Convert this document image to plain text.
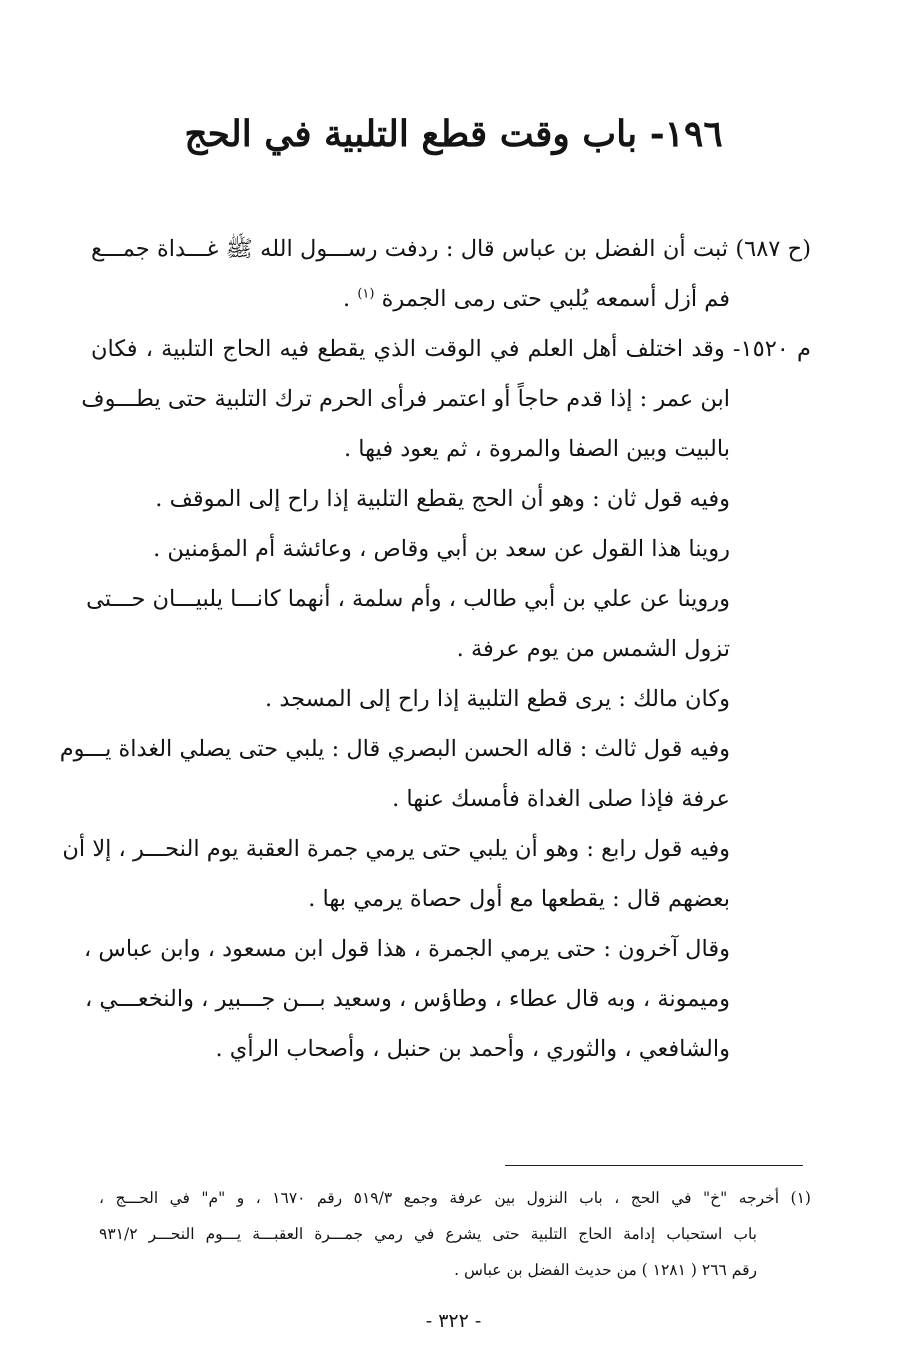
١٩٦- باب وقت قطع التلبية في الحج
(ح ٦٨٧) ثبت أن الفضل بن عباس قال : ردفت رســـول الله ﷺ غـــداة جمـــع
فم أزل أسمعه يُلبي حتى رمى الجمرة $^{(١)}$ .
م ١٥٢٠- وقد اختلف أهل العلم في الوقت الذي يقطع فيه الحاج التلبية ، فكان
ابن عمر : إذا قدم حاجاً أو اعتمر فرأى الحرم ترك التلبية حتى يطـــوف
بالبيت وبين الصفا والمروة ، ثم يعود فيها .
وفيه قول ثان : وهو أن الحج يقطع التلبية إذا راح إلى الموقف .
روينا هذا القول عن سعد بن أبي وقاص ، وعائشة أم المؤمنين .
وروينا عن علي بن أبي طالب ، وأم سلمة ، أنهما كانـــا يلبيـــان حـــتى
تزول الشمس من يوم عرفة .
وكان مالك : يرى قطع التلبية إذا راح إلى المسجد .
وفيه قول ثالث : قاله الحسن البصري قال : يلبي حتى يصلي الغداة يـــوم
عرفة فإذا صلى الغداة فأمسك عنها .
وفيه قول رابع : وهو أن يلبي حتى يرمي جمرة العقبة يوم النحـــر ، إلا أن
بعضهم قال : يقطعها مع أول حصاة يرمي بها .
وقال آخرون : حتى يرمي الجمرة ، هذا قول ابن مسعود ، وابن عباس ،
وميمونة ، وبه قال عطاء ، وطاؤس ، وسعيد بـــن جـــبير ، والنخعـــي ،
والشافعي ، والثوري ، وأحمد بن حنبل ، وأصحاب الرأي .
(١) أخرجه "خ" في الحج ، باب النزول بين عرفة وجمع ٥١٩/٣ رقم ١٦٧٠ ، و "م" في الحـــج ،
باب استحباب إدامة الحاج التلبية حتى يشرع في رمي جمـــرة العقبـــة يـــوم النحـــر ٩٣١/٢
رقم ٢٦٦ ( ١٢٨١ ) من حديث الفضل بن عباس .
- ٣٢٢ -
